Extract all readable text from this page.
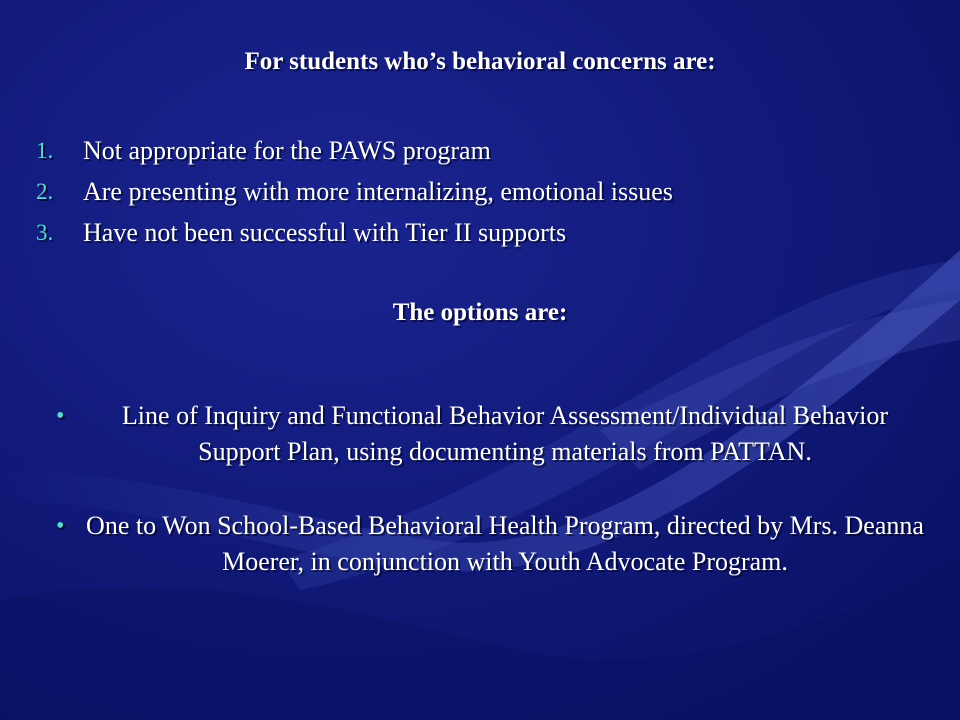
For students who’s behavioral concerns are:
1. Not appropriate for the PAWS program
2. Are presenting with more internalizing, emotional issues
3. Have not been successful with Tier II supports
The options are:
•	Line of Inquiry and Functional Behavior Assessment/Individual Behavior Support Plan, using documenting materials from PATTAN.
• One to Won School-Based Behavioral Health Program, directed by Mrs. Deanna Moerer, in conjunction with Youth Advocate Program.
